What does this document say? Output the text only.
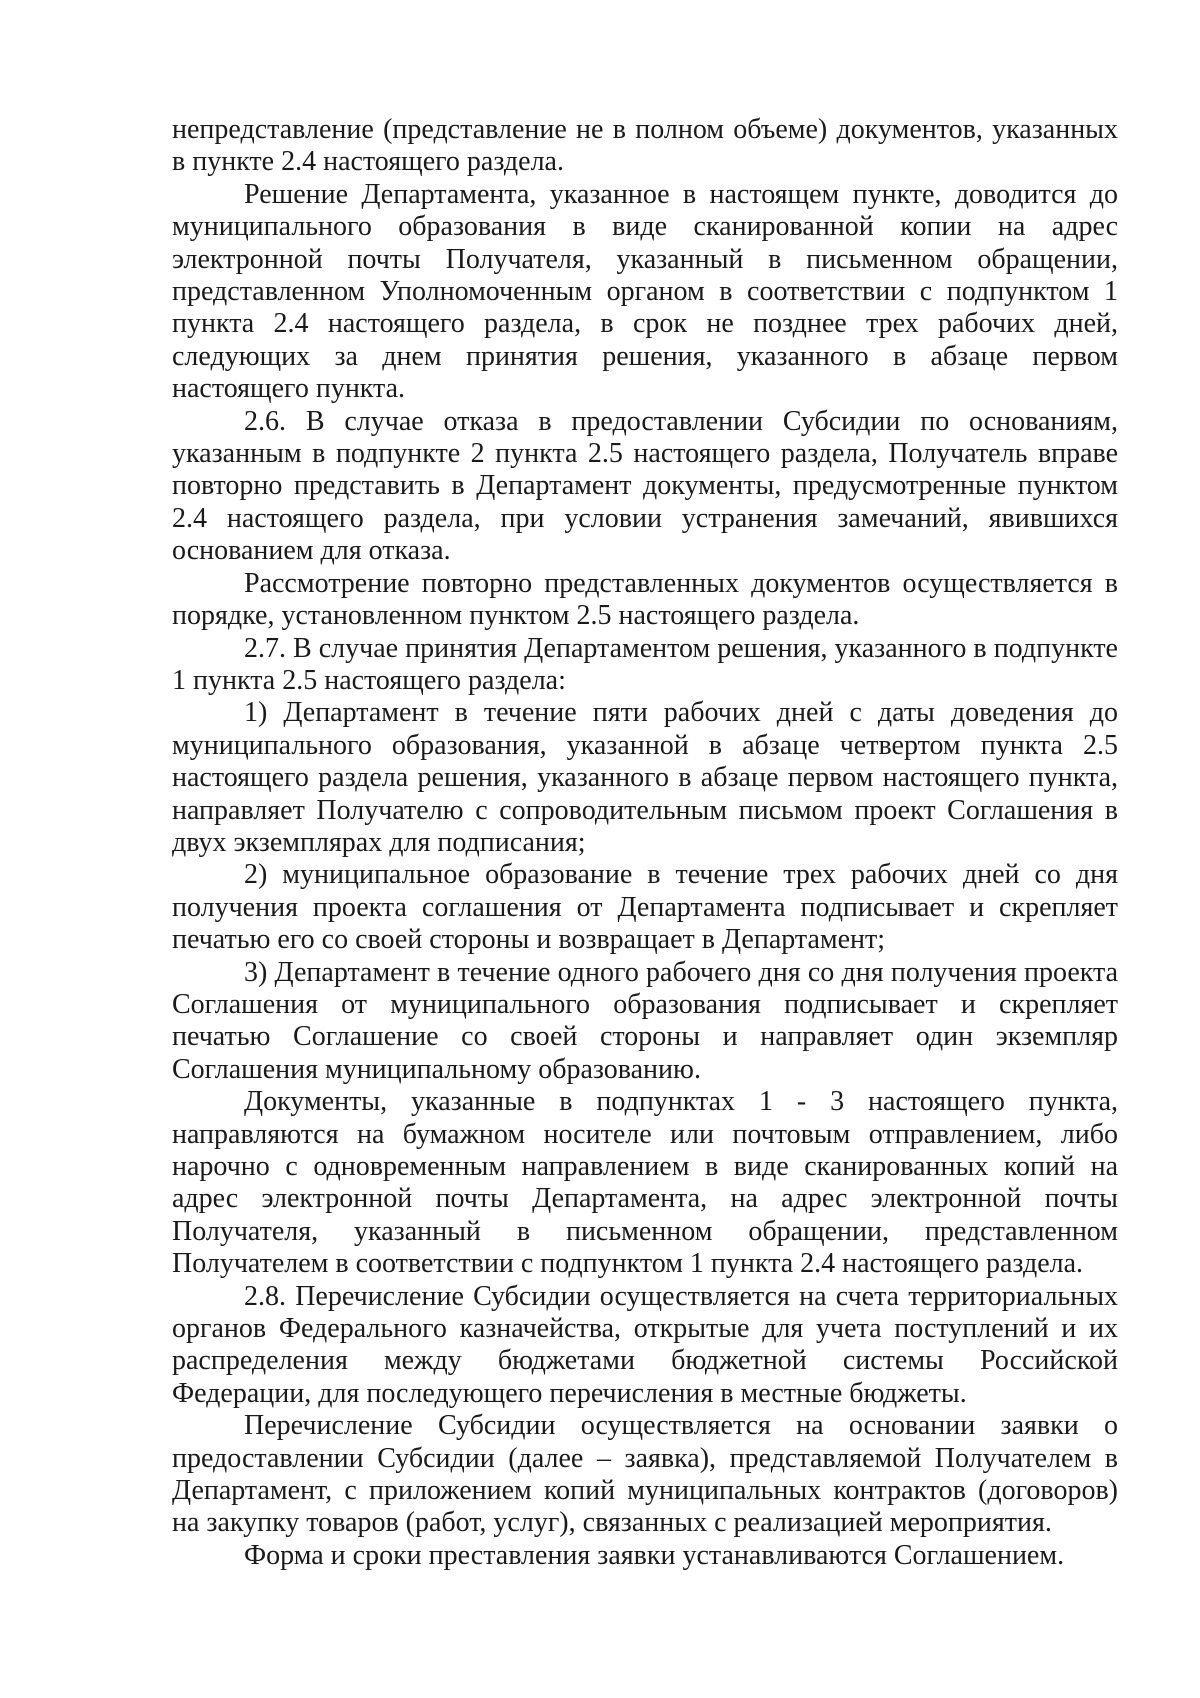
непредставление (представление не в полном объеме) документов, указанных в пункте 2.4 настоящего раздела.

Решение Департамента, указанное в настоящем пункте, доводится до муниципального образования в виде сканированной копии на адрес электронной почты Получателя, указанный в письменном обращении, представленном Уполномоченным органом в соответствии с подпунктом 1 пункта 2.4 настоящего раздела, в срок не позднее трех рабочих дней, следующих за днем принятия решения, указанного в абзаце первом настоящего пункта.

2.6. В случае отказа в предоставлении Субсидии по основаниям, указанным в подпункте 2 пункта 2.5 настоящего раздела, Получатель вправе повторно представить в Департамент документы, предусмотренные пунктом 2.4 настоящего раздела, при условии устранения замечаний, явившихся основанием для отказа.

Рассмотрение повторно представленных документов осуществляется в порядке, установленном пунктом 2.5 настоящего раздела.

2.7. В случае принятия Департаментом решения, указанного в подпункте 1 пункта 2.5 настоящего раздела:

1) Департамент в течение пяти рабочих дней с даты доведения до муниципального образования, указанной в абзаце четвертом пункта 2.5 настоящего раздела решения, указанного в абзаце первом настоящего пункта, направляет Получателю с сопроводительным письмом проект Соглашения в двух экземплярах для подписания;

2) муниципальное образование в течение трех рабочих дней со дня получения проекта соглашения от Департамента подписывает и скрепляет печатью его со своей стороны и возвращает в Департамент;

3) Департамент в течение одного рабочего дня со дня получения проекта Соглашения от муниципального образования подписывает и скрепляет печатью Соглашение со своей стороны и направляет один экземпляр Соглашения муниципальному образованию.

Документы, указанные в подпунктах 1 - 3 настоящего пункта, направляются на бумажном носителе или почтовым отправлением, либо нарочно с одновременным направлением в виде сканированных копий на адрес электронной почты Департамента, на адрес электронной почты Получателя, указанный в письменном обращении, представленном Получателем в соответствии с подпунктом 1 пункта 2.4 настоящего раздела.

2.8. Перечисление Субсидии осуществляется на счета территориальных органов Федерального казначейства, открытые для учета поступлений и их распределения между бюджетами бюджетной системы Российской Федерации, для последующего перечисления в местные бюджеты.

Перечисление Субсидии осуществляется на основании заявки о предоставлении Субсидии (далее – заявка), представляемой Получателем в Департамент, с приложением копий муниципальных контрактов (договоров) на закупку товаров (работ, услуг), связанных с реализацией мероприятия.

Форма и сроки преставления заявки устанавливаются Соглашением.
